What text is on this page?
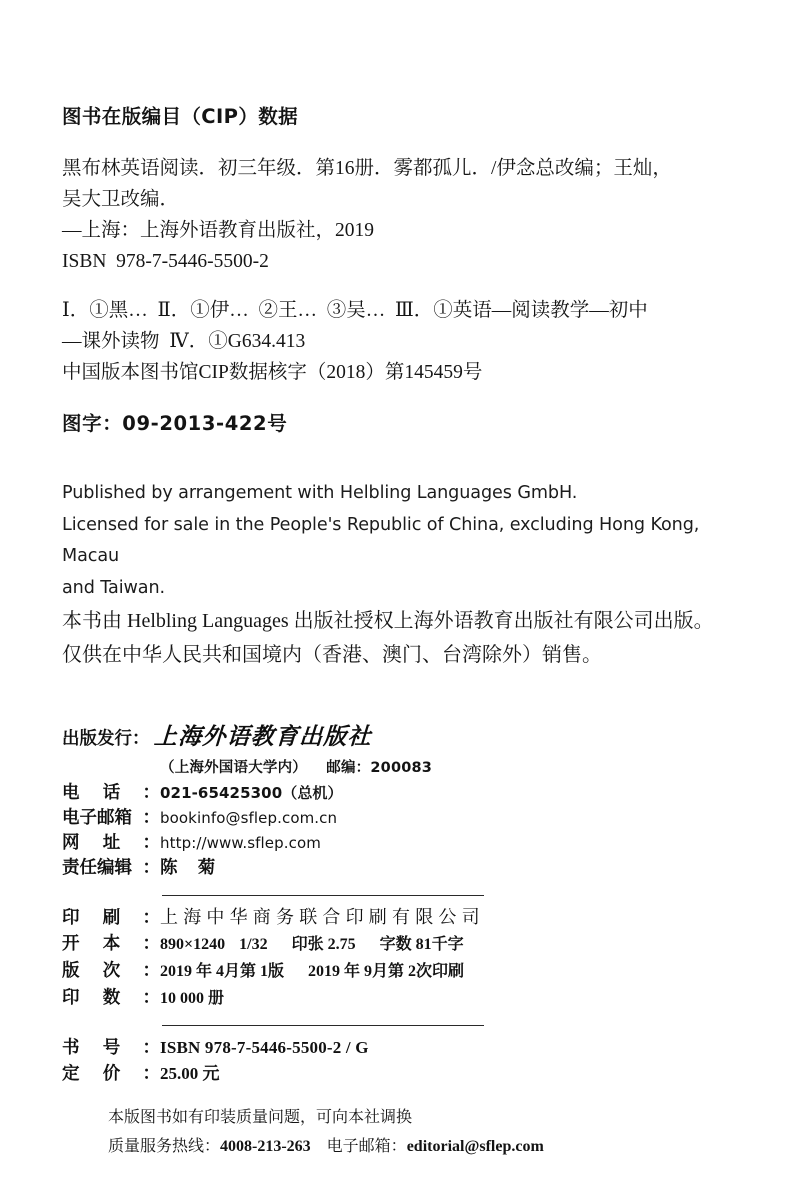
图书在版编目（CIP）数据
黑布林英语阅读．初三年级．第16册．雾都孤儿．/伊念总改编；王灿，
吴大卫改编．
—上海：上海外语教育出版社，2019
ISBN  978-7-5446-5500-2
Ⅰ．①黑…  Ⅱ．①伊…  ②王…  ③吴…  Ⅲ．①英语—阅读教学—初中
—课外读物  Ⅳ．①G634.413
中国版本图书馆CIP数据核字（2018）第145459号
图字：09-2013-422号
Published by arrangement with Helbling Languages GmbH.
Licensed for sale in the People's Republic of China, excluding Hong Kong, Macau
and Taiwan.
本书由 Helbling Languages 出版社授权上海外语教育出版社有限公司出版。
仅供在中华人民共和国境内（香港、澳门、台湾除外）销售。
出版发行： 上海外语教育出版社
（上海外国语大学内） 邮编：200083
电 话 ： 021-65425300（总机）
电子邮箱 ： bookinfo@sflep.com.cn
网 址 ： http://www.sflep.com
责任编辑 ： 陈 菊
印 刷 ： 上海中华商务联合印刷有限公司
开 本 ： 890×1240 1/32 印张 2.75 字数 81千字
版 次 ： 2019 年 4月第 1版 2019 年 9月第 2次印刷
印 数 ： 10 000 册
书 号 ： ISBN 978-7-5446-5500-2 / G
定 价 ： 25.00 元
本版图书如有印装质量问题，可向本社调换
质量服务热线：4008-213-263 电子邮箱：editorial@sflep.com
